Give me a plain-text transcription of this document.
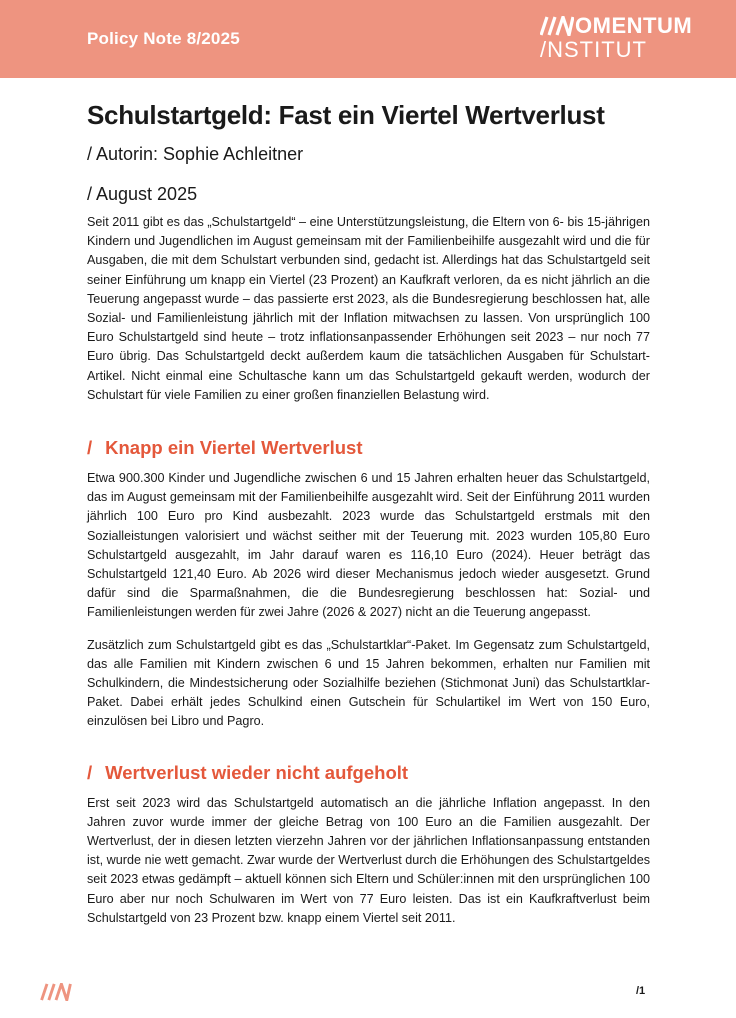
Policy Note 8/2025
OMENTUM
/NSTITUT
Schulstartgeld: Fast ein Viertel Wertverlust
/ Autorin: Sophie Achleitner
/ August 2025

Seit 2011 gibt es das „Schulstartgeld“ – eine Unterstützungsleistung, die Eltern von 6- bis 15-jährigen Kindern und Jugendlichen im August gemeinsam mit der Familienbeihilfe ausgezahlt wird und die für Ausgaben, die mit dem Schulstart verbunden sind, gedacht ist. Allerdings hat das Schulstartgeld seit seiner Einführung um knapp ein Viertel (23 Prozent) an Kaufkraft verloren, da es nicht jährlich an die Teuerung angepasst wurde – das passierte erst 2023, als die Bundesregierung beschlossen hat, alle Sozial- und Familienleistung jährlich mit der Inflation mitwachsen zu lassen. Von ursprünglich 100 Euro Schulstartgeld sind heute – trotz inflationsanpassender Erhöhungen seit 2023 – nur noch 77 Euro übrig. Das Schulstartgeld deckt außerdem kaum die tatsächlichen Ausgaben für Schulstart-Artikel. Nicht einmal eine Schultasche kann um das Schulstartgeld gekauft werden, wodurch der Schulstart für viele Familien zu einer großen finanziellen Belastung wird.

/ Knapp ein Viertel Wertverlust

Etwa 900.300 Kinder und Jugendliche zwischen 6 und 15 Jahren erhalten heuer das Schulstartgeld, das im August gemeinsam mit der Familienbeihilfe ausgezahlt wird. Seit der Einführung 2011 wurden jährlich 100 Euro pro Kind ausbezahlt. 2023 wurde das Schulstartgeld erstmals mit den Sozialleistungen valorisiert und wächst seither mit der Teuerung mit. 2023 wurden 105,80 Euro Schulstartgeld ausgezahlt, im Jahr darauf waren es 116,10 Euro (2024). Heuer beträgt das Schulstartgeld 121,40 Euro. Ab 2026 wird dieser Mechanismus jedoch wieder ausgesetzt. Grund dafür sind die Sparmaßnahmen, die die Bundesregierung beschlossen hat: Sozial- und Familienleistungen werden für zwei Jahre (2026 & 2027) nicht an die Teuerung angepasst.

Zusätzlich zum Schulstartgeld gibt es das „Schulstartklar“-Paket. Im Gegensatz zum Schulstartgeld, das alle Familien mit Kindern zwischen 6 und 15 Jahren bekommen, erhalten nur Familien mit Schulkindern, die Mindestsicherung oder Sozialhilfe beziehen (Stichmonat Juni) das Schulstartklar-Paket. Dabei erhält jedes Schulkind einen Gutschein für Schulartikel im Wert von 150 Euro, einzulösen bei Libro und Pagro.

/ Wertverlust wieder nicht aufgeholt

Erst seit 2023 wird das Schulstartgeld automatisch an die jährliche Inflation angepasst. In den Jahren zuvor wurde immer der gleiche Betrag von 100 Euro an die Familien ausgezahlt. Der Wertverlust, der in diesen letzten vierzehn Jahren vor der jährlichen Inflationsanpassung entstanden ist, wurde nie wett gemacht. Zwar wurde der Wertverlust durch die Erhöhungen des Schulstartgeldes seit 2023 etwas gedämpft – aktuell können sich Eltern und Schüler:innen mit den ursprünglichen 100 Euro aber nur noch Schulwaren im Wert von 77 Euro leisten. Das ist ein Kaufkraftverlust beim Schulstartgeld von 23 Prozent bzw. knapp einem Viertel seit 2011.

/1
